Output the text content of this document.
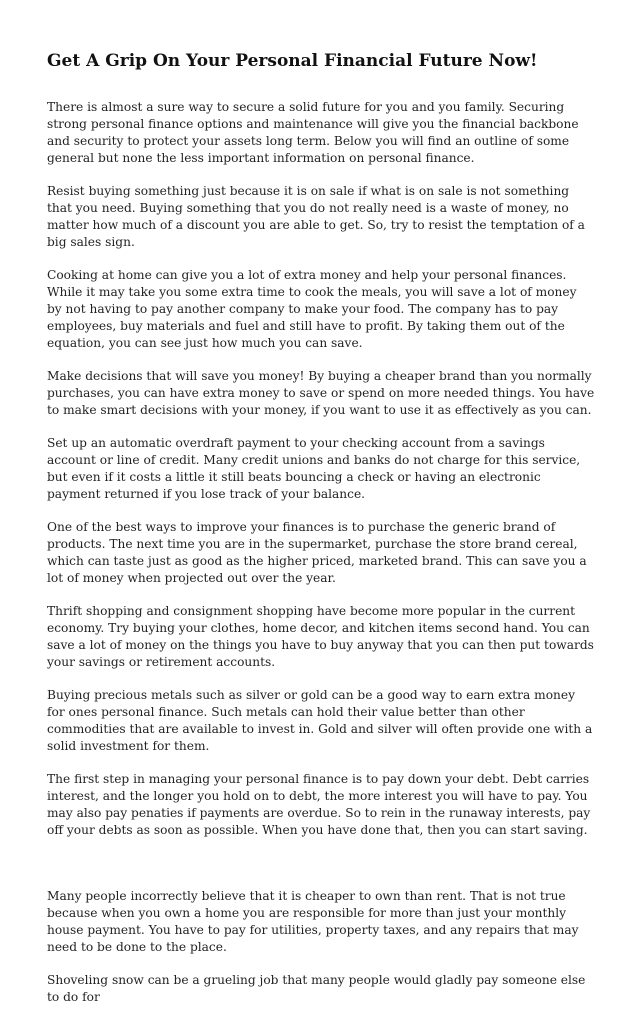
Get A Grip On Your Personal Financial Future Now!

There is almost a sure way to secure a solid future for you and you family. Securing strong personal finance options and maintenance will give you the financial backbone and security to protect your assets long term. Below you will find an outline of some general but none the less important information on personal finance.

Resist buying something just because it is on sale if what is on sale is not something that you need. Buying something that you do not really need is a waste of money, no matter how much of a discount you are able to get. So, try to resist the temptation of a big sales sign.

Cooking at home can give you a lot of extra money and help your personal finances. While it may take you some extra time to cook the meals, you will save a lot of money by not having to pay another company to make your food. The company has to pay employees, buy materials and fuel and still have to profit. By taking them out of the equation, you can see just how much you can save.

Make decisions that will save you money! By buying a cheaper brand than you normally purchases, you can have extra money to save or spend on more needed things. You have to make smart decisions with your money, if you want to use it as effectively as you can.

Set up an automatic overdraft payment to your checking account from a savings account or line of credit. Many credit unions and banks do not charge for this service, but even if it costs a little it still beats bouncing a check or having an electronic payment returned if you lose track of your balance.

One of the best ways to improve your finances is to purchase the generic brand of products. The next time you are in the supermarket, purchase the store brand cereal, which can taste just as good as the higher priced, marketed brand. This can save you a lot of money when projected out over the year.

Thrift shopping and consignment shopping have become more popular in the current economy. Try buying your clothes, home decor, and kitchen items second hand. You can save a lot of money on the things you have to buy anyway that you can then put towards your savings or retirement accounts.

Buying precious metals such as silver or gold can be a good way to earn extra money for ones personal finance. Such metals can hold their value better than other commodities that are available to invest in. Gold and silver will often provide one with a solid investment for them.

The first step in managing your personal finance is to pay down your debt. Debt carries interest, and the longer you hold on to debt, the more interest you will have to pay. You may also pay penaties if payments are overdue. So to rein in the runaway interests, pay off your debts as soon as possible. When you have done that, then you can start saving.

Many people incorrectly believe that it is cheaper to own than rent. That is not true because when you own a home you are responsible for more than just your monthly house payment. You have to pay for utilities, property taxes, and any repairs that may need to be done to the place.

Shoveling snow can be a grueling job that many people would gladly pay someone else to do for
